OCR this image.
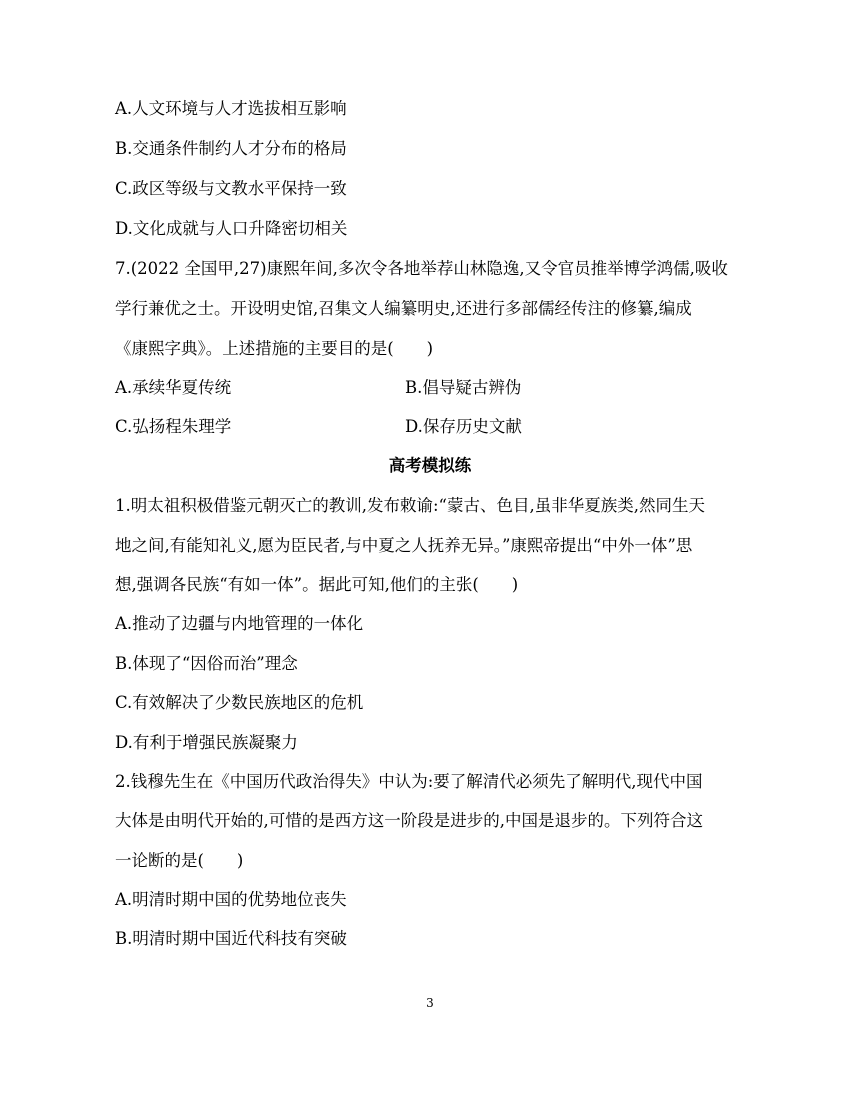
A.人文环境与人才选拔相互影响
B.交通条件制约人才分布的格局
C.政区等级与文教水平保持一致
D.文化成就与人口升降密切相关
7.(2022 全国甲,27)康熙年间,多次令各地举荐山林隐逸,又令官员推举博学鸿儒,吸收
学行兼优之士。开设明史馆,召集文人编纂明史,还进行多部儒经传注的修纂,编成
《康熙字典》。上述措施的主要目的是(　　)
A.承续华夏传统	B.倡导疑古辨伪
C.弘扬程朱理学	D.保存历史文献
高考模拟练
1.明太祖积极借鉴元朝灭亡的教训,发布敕谕:“蒙古、色目,虽非华夏族类,然同生天
地之间,有能知礼义,愿为臣民者,与中夏之人抚养无异。”康熙帝提出“中外一体”思
想,强调各民族“有如一体”。据此可知,他们的主张(　　)
A.推动了边疆与内地管理的一体化
B.体现了“因俗而治”理念
C.有效解决了少数民族地区的危机
D.有利于增强民族凝聚力
2.钱穆先生在《中国历代政治得失》中认为:要了解清代必须先了解明代,现代中国
大体是由明代开始的,可惜的是西方这一阶段是进步的,中国是退步的。下列符合这
一论断的是(　　)
A.明清时期中国的优势地位丧失
B.明清时期中国近代科技有突破
3
